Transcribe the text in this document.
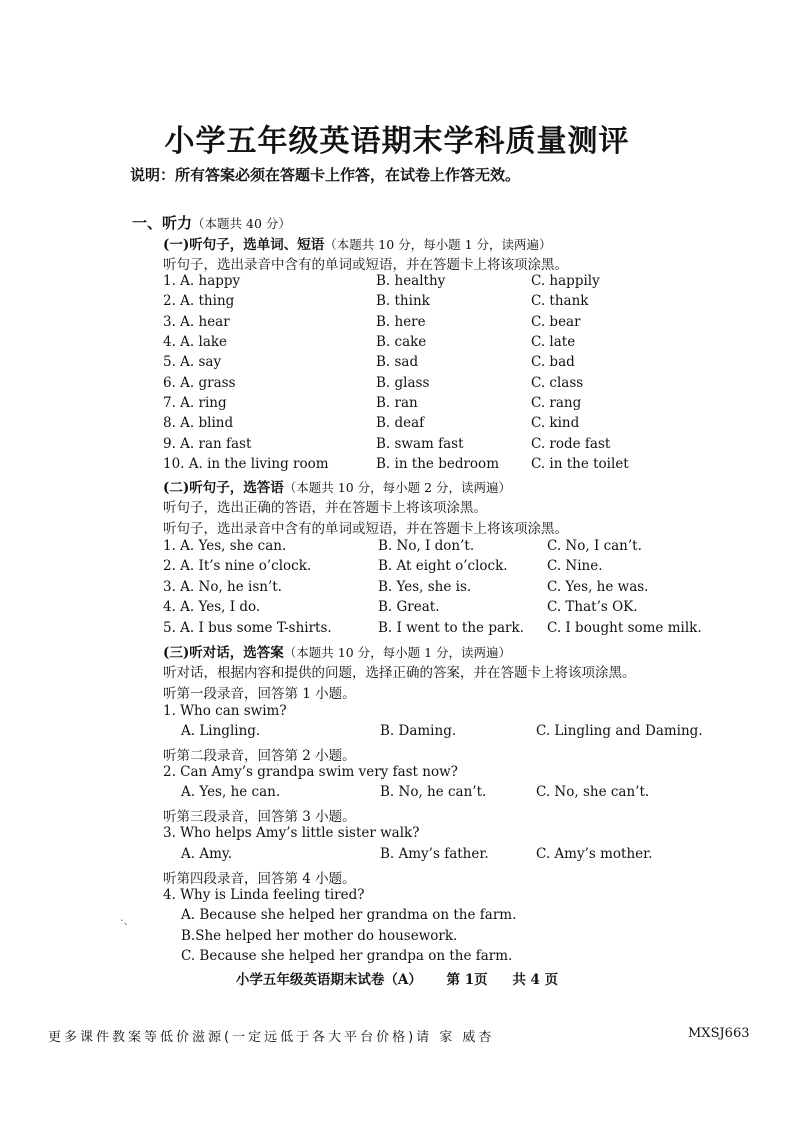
小学五年级英语期末学科质量测评
说明：所有答案必须在答题卡上作答，在试卷上作答无效。
一、听力（本题共 40 分）
(一)听句子，选单词、短语（本题共 10 分，每小题 1 分，读两遍）
听句子，选出录音中含有的单词或短语，并在答题卡上将该项涂黑。
1. A. happy	B. healthy	C. happily
2. A. thing	B. think	C. thank
3. A. hear	B. here	C. bear
4. A. lake	B. cake	C. late
5. A. say	B. sad	C. bad
6. A. grass	B. glass	C. class
7. A. ring	B. ran	C. rang
8. A. blind	B. deaf	C. kind
9. A. ran fast	B. swam fast	C. rode fast
10. A. in the living room	B. in the bedroom C. in the toilet
(二)听句子，选答语（本题共 10 分，每小题 2 分，读两遍）
听句子，选出正确的答语，并在答题卡上将该项涂黑。
听句子，选出录音中含有的单词或短语，并在答题卡上将该项涂黑。
1. A. Yes, she can.	B. No, I don’t.	C. No, I can’t.
2. A. It’s nine o’clock.	B. At eight o’clock.	C. Nine.
3. A. No, he isn’t.	B. Yes, she is.	C. Yes, he was.
4. A. Yes, I do.	B. Great.	C. That’s OK.
5. A. I bus some T-shirts.	B. I went to the park. C. I bought some milk.
(三)听对话，选答案（本题共 10 分，每小题 1 分，读两遍）
听对话，根据内容和提供的问题，选择正确的答案，并在答题卡上将该项涂黑。
听第一段录音，回答第 1 小题。
1. Who can swim?
A. Lingling.	B. Daming.	C. Lingling and Daming.
听第二段录音，回答第 2 小题。
2. Can Amy’s grandpa swim very fast now?
A. Yes, he can.	B. No, he can’t.	C. No, she can’t.
听第三段录音，回答第 3 小题。
3. Who helps Amy’s little sister walk?
A. Amy.	B. Amy’s father.	C. Amy’s mother.
听第四段录音，回答第 4 小题。
4. Why is Linda feeling tired?
A. Because she helped her grandma on the farm.
B.She helped her mother do housework.
C. Because she helped her grandpa on the farm.
·、
小学五年级英语期末试卷（A） 第 1页 共 4 页
更多课件教案等低价滋源(一定远低于各大平台价格)请 家 威杏	MXSJ663
